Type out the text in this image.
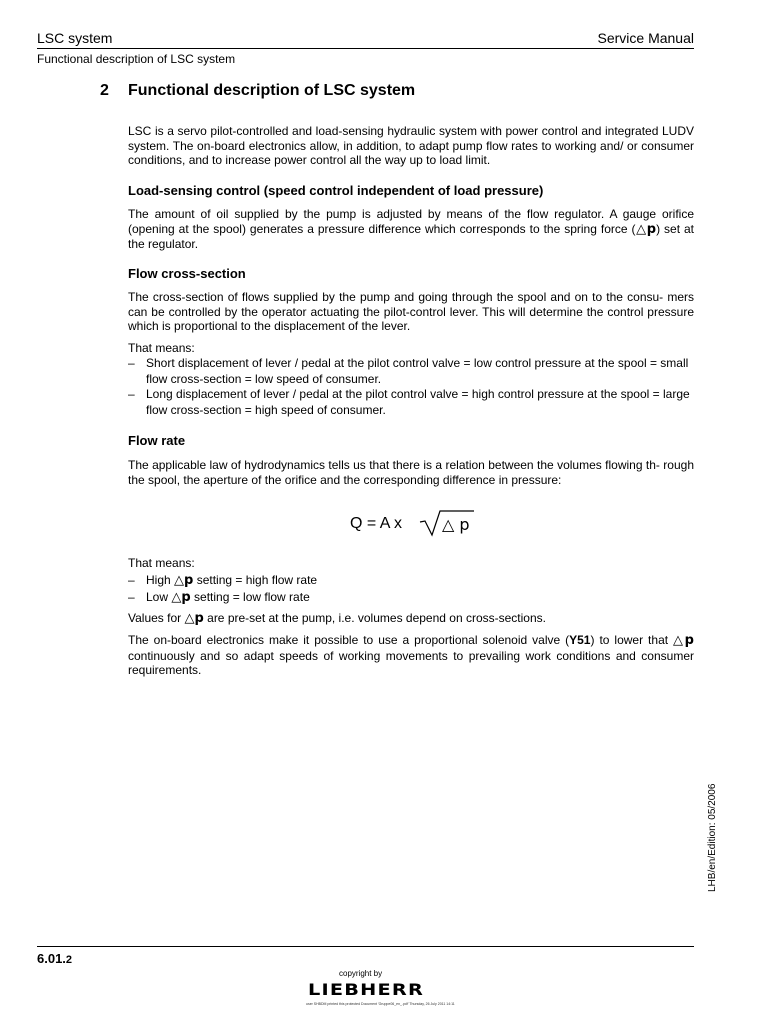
LSC system	Service Manual
Functional description of LSC system
2 Functional description of LSC system
LSC is a servo pilot-controlled and load-sensing hydraulic system with power control and integrated LUDV system. The on-board electronics allow, in addition, to adapt pump flow rates to working and/ or consumer conditions, and to increase power control all the way up to load limit.
Load-sensing control (speed control independent of load pressure)
The amount of oil supplied by the pump is adjusted by means of the flow regulator. A gauge orifice (opening at the spool) generates a pressure difference which corresponds to the spring force (△p) set at the regulator.
Flow cross-section
The cross-section of flows supplied by the pump and going through the spool and on to the consu- mers can be controlled by the operator actuating the pilot-control lever. This will determine the control pressure which is proportional to the displacement of the lever.
That means:
– Short displacement of lever / pedal at the pilot control valve = low control pressure at the spool = small flow cross-section = low speed of consumer.
– Long displacement of lever / pedal at the pilot control valve = high control pressure at the spool = large flow cross-section = high speed of consumer.
Flow rate
The applicable law of hydrodynamics tells us that there is a relation between the volumes flowing th- rough the spool, the aperture of the orifice and the corresponding difference in pressure:
Q = A x △ p
That means:
– High △p setting = high flow rate
– Low △p setting = low flow rate
Values for △p are pre-set at the pump, i.e. volumes depend on cross-sections.
The on-board electronics make it possible to use a proportional solenoid valve (Y51) to lower that △p continuously and so adapt speeds of working movements to prevailing work conditions and consumer requirements.
LHB/en/Edition: 05/2006
6.01.2
copyright by
LIEBHERR
user SHBDM printed this protected Document 'Gruppe06_en_.pdf' Thursday, 26 July 2011 14:11
